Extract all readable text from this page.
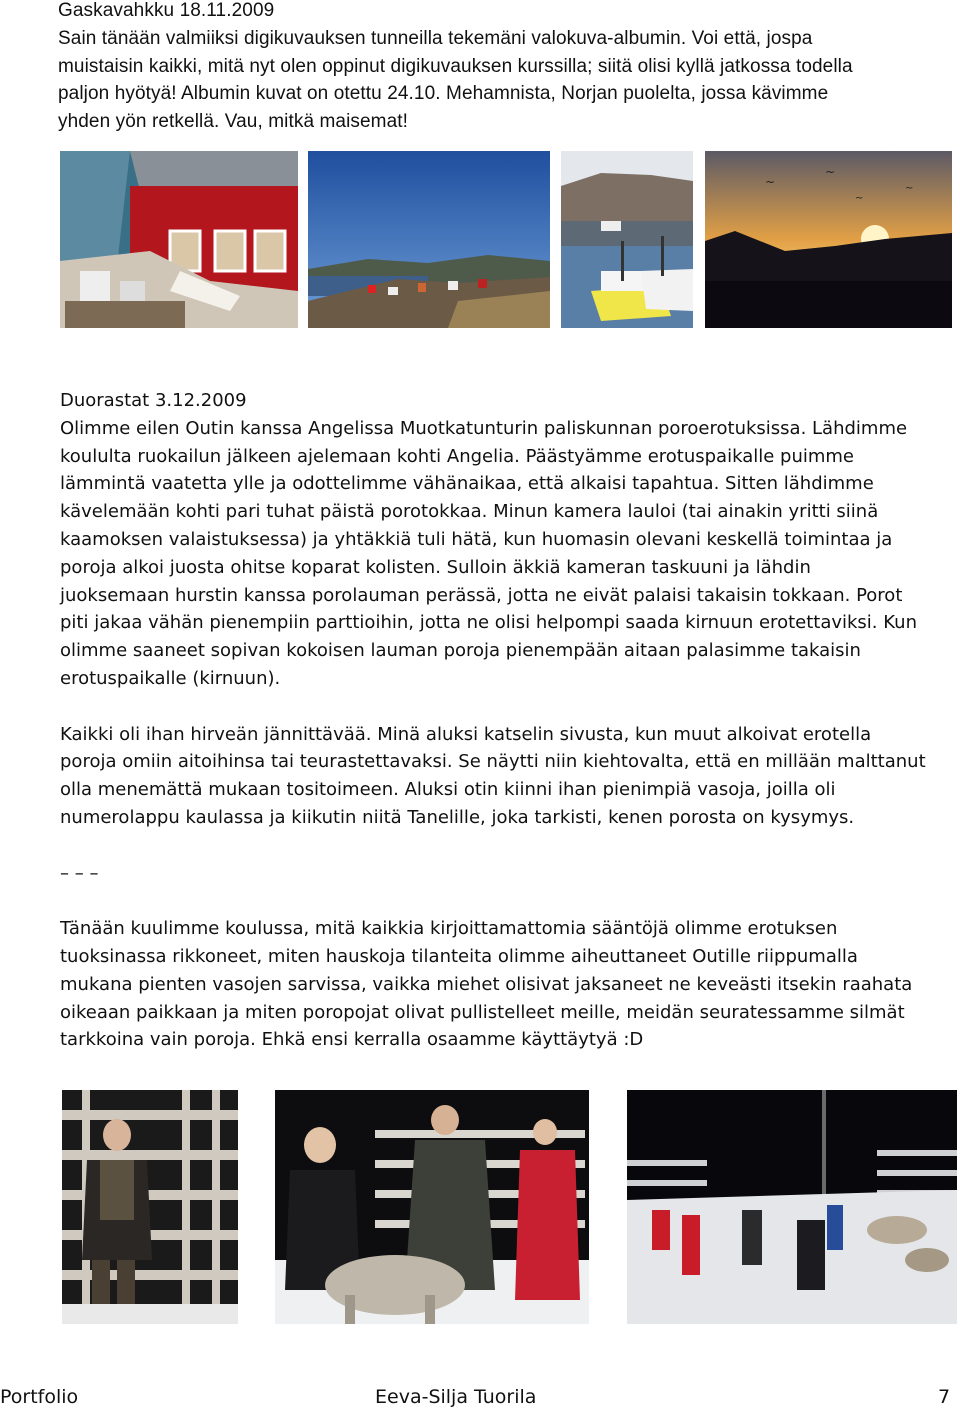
Gaskavahkku 18.11.2009

Sain tänään valmiiksi digikuvauksen tunneilla tekemäni valokuva-albumin. Voi että, jospa

muistaisin kaikki, mitä nyt olen oppinut digikuvauksen kurssilla; siitä olisi kyllä jatkossa todella

paljon hyötyä! Albumin kuvat on otettu 24.10. Mehamnista, Norjan puolelta, jossa kävimme

yhden yön retkellä. Vau, mitkä maisemat!

~
~
~
~

Duorastat 3.12.2009

Olimme eilen Outin kanssa Angelissa Muotkatunturin paliskunnan poroerotuksissa. Lähdimme

koululta ruokailun jälkeen ajelemaan kohti Angelia. Päästyämme erotuspaikalle puimme

lämmintä vaatetta ylle ja odottelimme vähänaikaa, että alkaisi tapahtua. Sitten lähdimme

kävelemään kohti pari tuhat päistä porotokkaa. Minun kamera lauloi (tai ainakin yritti siinä

kaamoksen valaistuksessa) ja yhtäkkiä tuli hätä, kun huomasin olevani keskellä toimintaa ja

poroja alkoi juosta ohitse koparat kolisten. Sulloin äkkiä kameran taskuuni ja lähdin

juoksemaan hurstin kanssa porolauman perässä, jotta ne eivät palaisi takaisin tokkaan. Porot

piti jakaa vähän pienempiin parttioihin, jotta ne olisi helpompi saada kirnuun erotettaviksi. Kun

olimme saaneet sopivan kokoisen lauman poroja pienempään aitaan palasimme takaisin

erotuspaikalle (kirnuun).

Kaikki oli ihan hirveän jännittävää. Minä aluksi katselin sivusta, kun muut alkoivat erotella

poroja omiin aitoihinsa tai teurastettavaksi. Se näytti niin kiehtovalta, että en millään malttanut

olla menemättä mukaan tositoimeen. Aluksi otin kiinni ihan pienimpiä vasoja, joilla oli

numerolappu kaulassa ja kiikutin niitä Tanelille, joka tarkisti, kenen porosta on kysymys.

– – –

Tänään kuulimme koulussa, mitä kaikkia kirjoittamattomia sääntöjä olimme erotuksen

tuoksinassa rikkoneet, miten hauskoja tilanteita olimme aiheuttaneet Outille riippumalla

mukana pienten vasojen sarvissa, vaikka miehet olisivat jaksaneet ne keveästi itsekin raahata

oikeaan paikkaan ja miten poropojat olivat pullistelleet meille, meidän seuratessamme silmät

tarkkoina vain poroja. Ehkä ensi kerralla osaamme käyttäytyä :D

Portfolio	Eeva-Silja Tuorila	7
